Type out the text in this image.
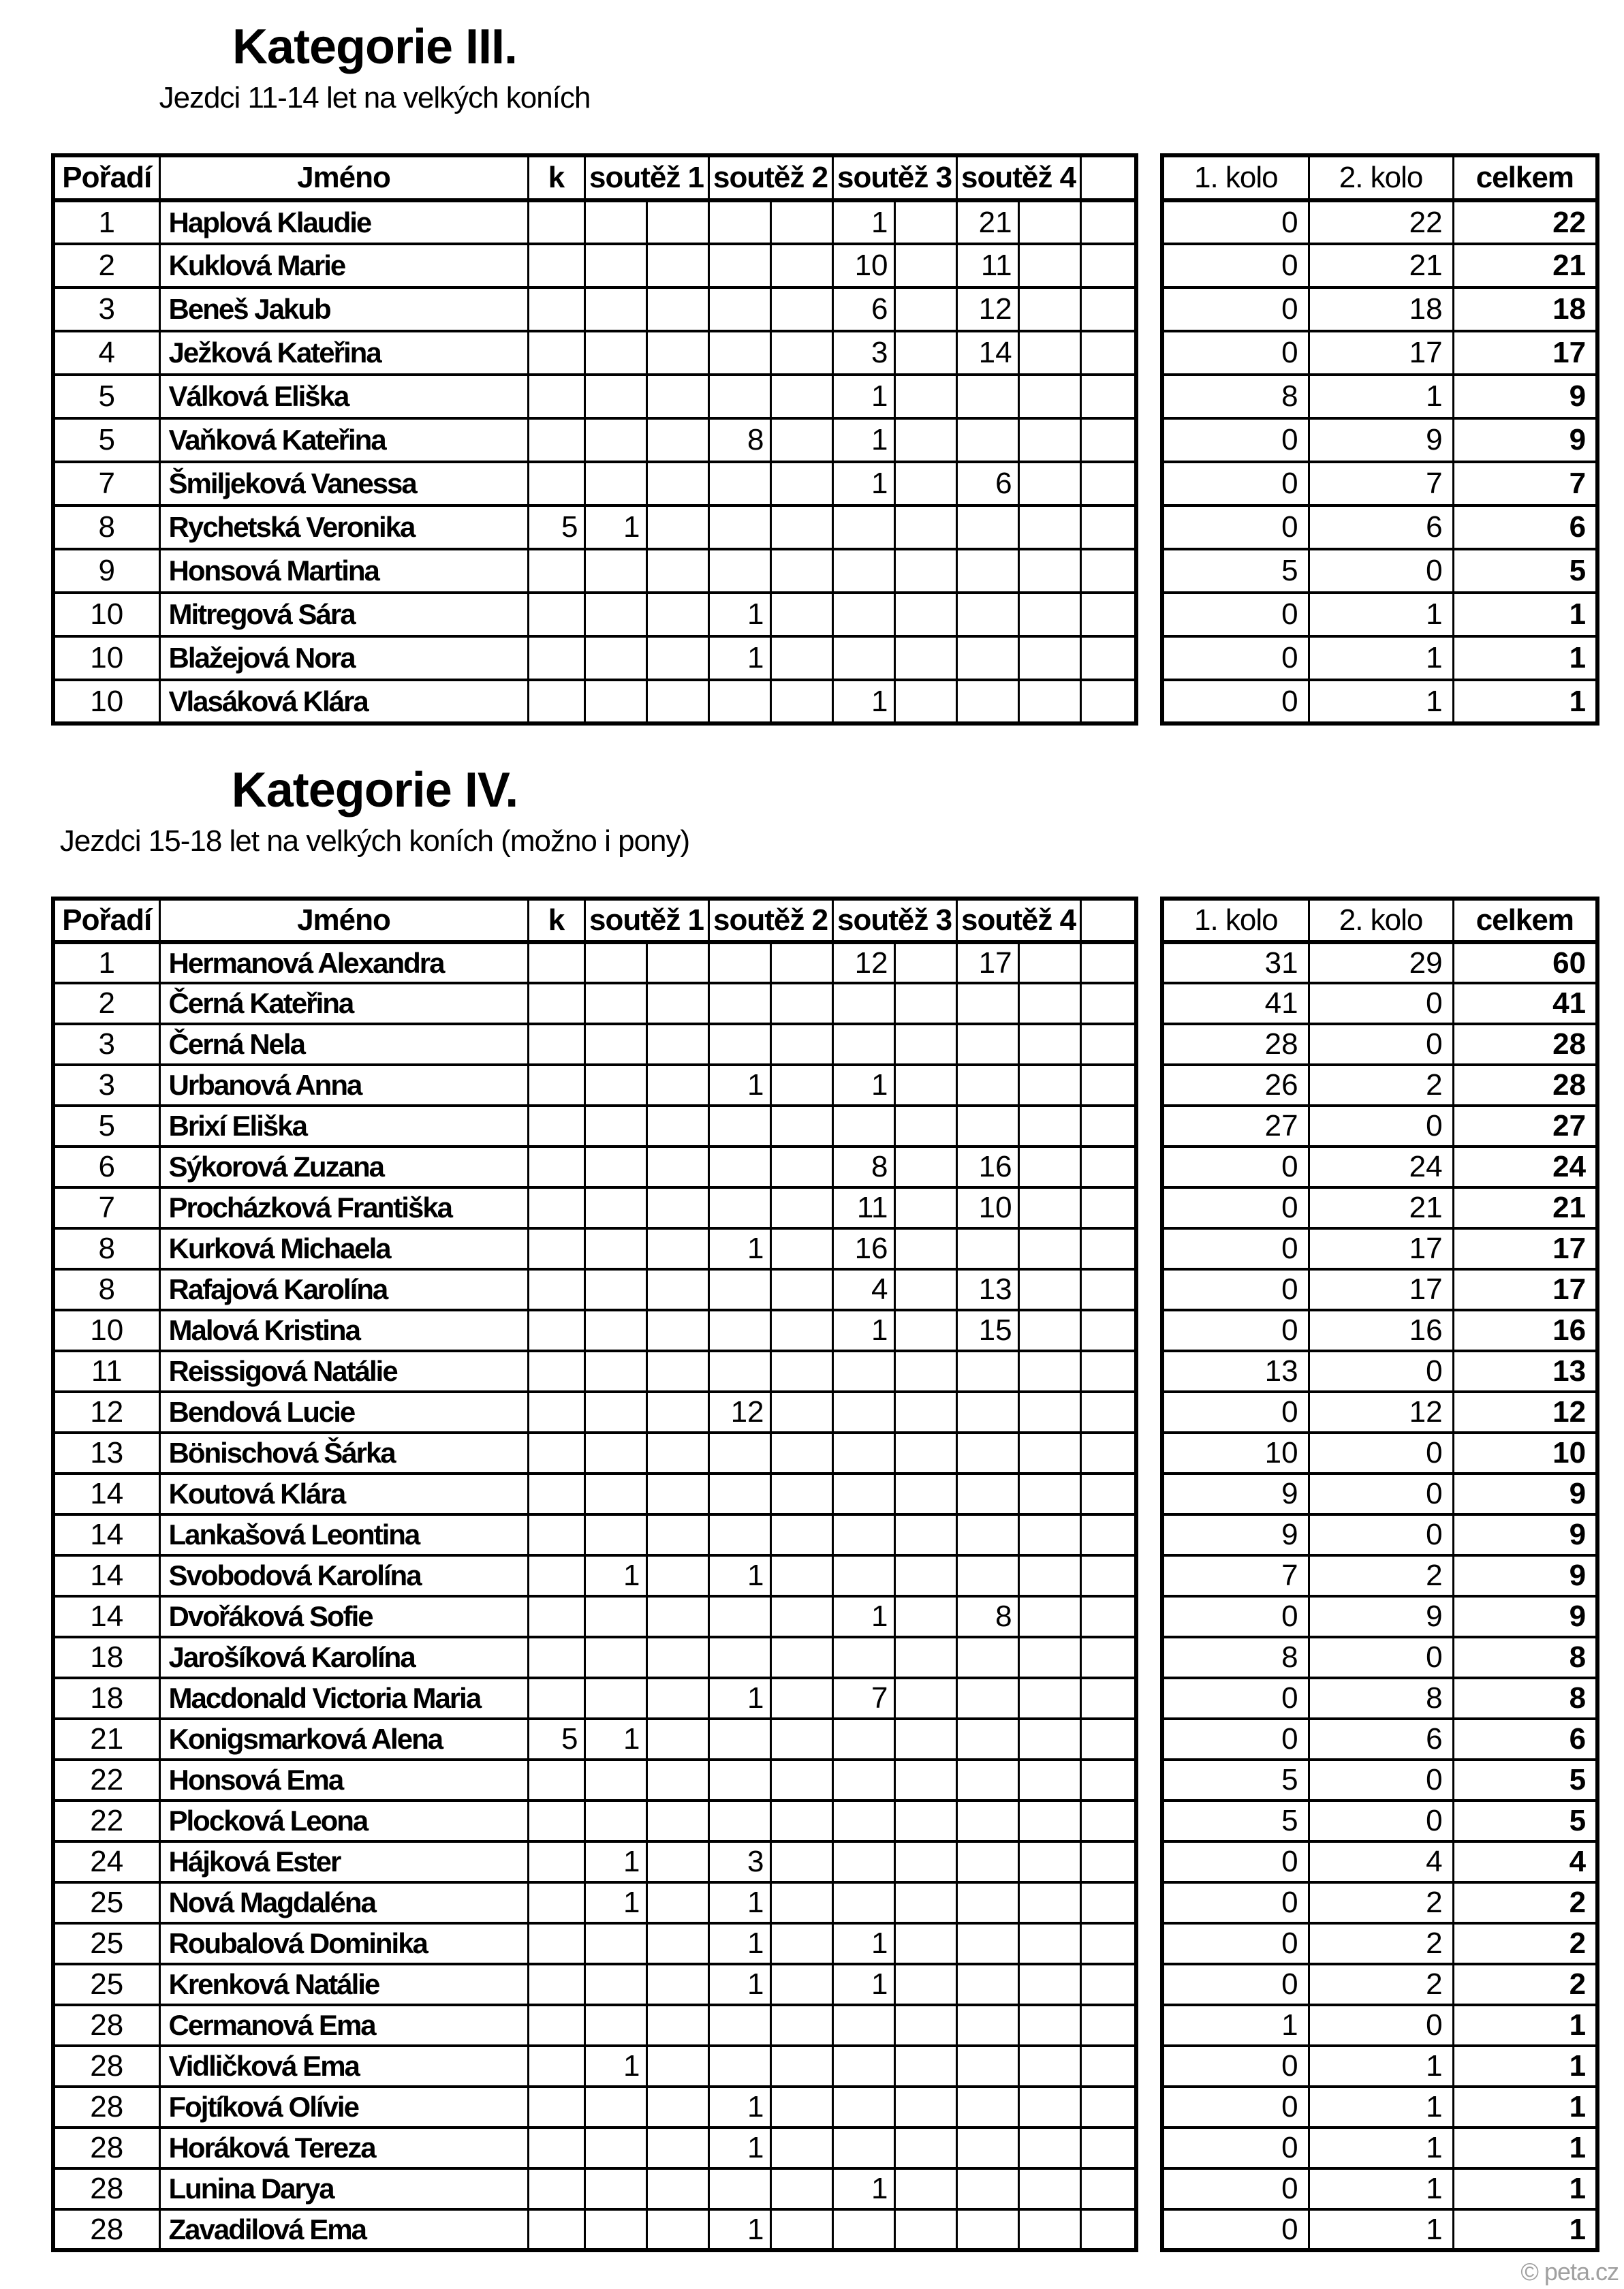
Kategorie III.
Jezdci 11-14 let na velkých koních
Pořadí	Jméno	k	soutěž 1		soutěž 2		soutěž 3		soutěž 4		
1	Haplová Klaudie						1		21		
2	Kuklová Marie						10		11		
3	Beneš Jakub						6		12		
4	Ježková Kateřina						3		14		
5	Válková Eliška						1				
5	Vaňková Kateřina				8		1				
7	Šmiljeková Vanessa						1		6		
8	Rychetská Veronika	5	1								
9	Honsová Martina										
10	Mitregová Sára				1						
10	Blažejová Nora				1						
10	Vlasáková Klára						1				
1. kolo	2. kolo	celkem
0	22	22
0	21	21
0	18	18
0	17	17
8	1	9
0	9	9
0	7	7
0	6	6
5	0	5
0	1	1
0	1	1
0	1	1
Kategorie IV.
Jezdci 15-18 let na velkých koních (možno i pony)
Pořadí	Jméno	k	soutěž 1		soutěž 2		soutěž 3		soutěž 4		
1	Hermanová Alexandra						12		17		
2	Černá Kateřina										
3	Černá Nela										
3	Urbanová Anna				1		1				
5	Brixí Eliška										
6	Sýkorová Zuzana						8		16		
7	Procházková Františka						11		10		
8	Kurková Michaela				1		16				
8	Rafajová Karolína						4		13		
10	Malová Kristina						1		15		
11	Reissigová Natálie										
12	Bendová Lucie				12						
13	Bönischová Šárka										
14	Koutová Klára										
14	Lankašová Leontina										
14	Svobodová Karolína		1		1						
14	Dvořáková Sofie						1		8		
18	Jarošíková Karolína										
18	Macdonald Victoria Maria				1		7				
21	Konigsmarková Alena	5	1								
22	Honsová Ema										
22	Plocková Leona										
24	Hájková Ester		1		3						
25	Nová Magdaléna		1		1						
25	Roubalová Dominika				1		1				
25	Krenková Natálie				1		1				
28	Cermanová Ema										
28	Vidličková Ema		1								
28	Fojtíková Olívie				1						
28	Horáková Tereza				1						
28	Lunina Darya						1				
28	Zavadilová Ema				1						
1. kolo	2. kolo	celkem
31	29	60
41	0	41
28	0	28
26	2	28
27	0	27
0	24	24
0	21	21
0	17	17
0	17	17
0	16	16
13	0	13
0	12	12
10	0	10
9	0	9
9	0	9
7	2	9
0	9	9
8	0	8
0	8	8
0	6	6
5	0	5
5	0	5
0	4	4
0	2	2
0	2	2
0	2	2
1	0	1
0	1	1
0	1	1
0	1	1
0	1	1
0	1	1
© peta.cz
